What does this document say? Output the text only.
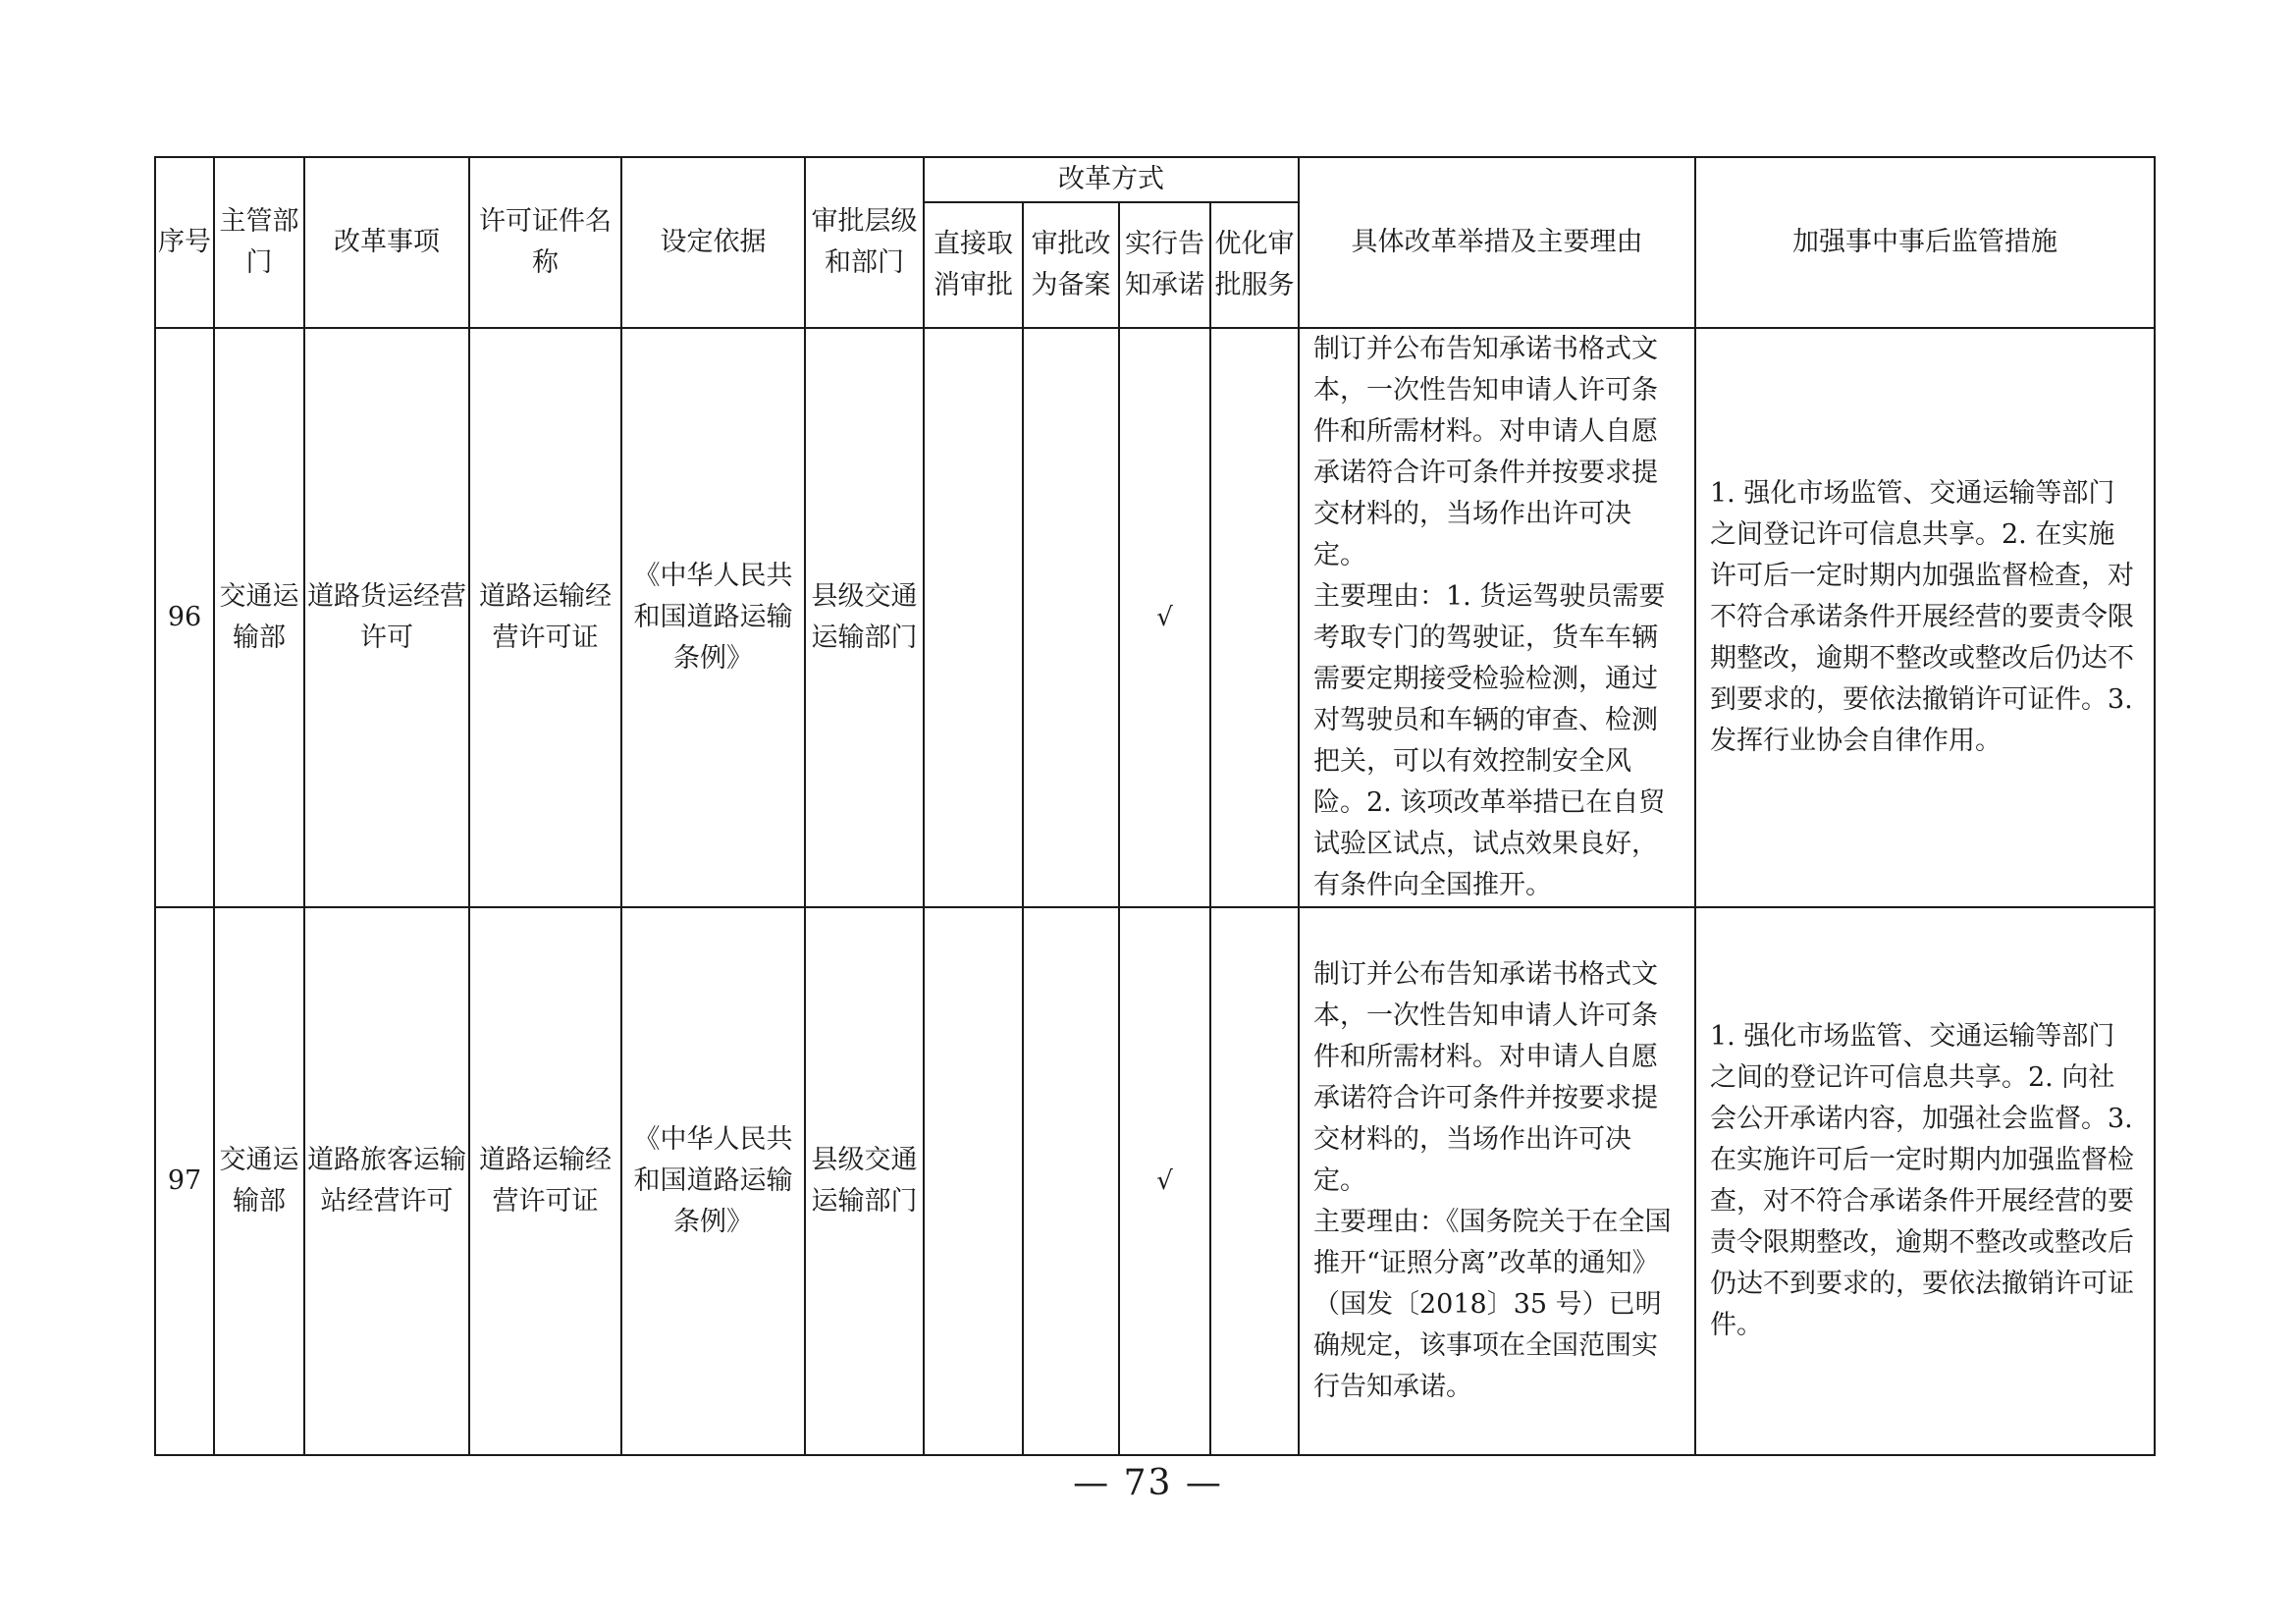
序号	主管部门	改革事项	许可证件名称	设定依据	审批层级和部门	改革方式				具体改革举措及主要理由	加强事中事后监管措施
						直接取消审批	审批改为备案	实行告知承诺	优化审批服务		
96	交通运输部	道路货运经营许可	道路运输经营许可证	《中华人民共和国道路运输条例》	县级交通运输部门			√		制订并公布告知承诺书格式文本，一次性告知申请人许可条件和所需材料。对申请人自愿承诺符合许可条件并按要求提交材料的，当场作出许可决定。
主要理由：1. 货运驾驶员需要考取专门的驾驶证，货车车辆需要定期接受检验检测，通过对驾驶员和车辆的审查、检测把关，可以有效控制安全风险。2. 该项改革举措已在自贸试验区试点，试点效果良好，有条件向全国推开。	1. 强化市场监管、交通运输等部门之间登记许可信息共享。2. 在实施许可后一定时期内加强监督检查，对不符合承诺条件开展经营的要责令限期整改，逾期不整改或整改后仍达不到要求的，要依法撤销许可证件。3. 发挥行业协会自律作用。
97	交通运输部	道路旅客运输站经营许可	道路运输经营许可证	《中华人民共和国道路运输条例》	县级交通运输部门			√		制订并公布告知承诺书格式文本，一次性告知申请人许可条件和所需材料。对申请人自愿承诺符合许可条件并按要求提交材料的，当场作出许可决定。
主要理由：《国务院关于在全国推开“证照分离”改革的通知》（国发〔2018〕35 号）已明确规定，该事项在全国范围实行告知承诺。	1. 强化市场监管、交通运输等部门之间的登记许可信息共享。2. 向社会公开承诺内容，加强社会监督。3. 在实施许可后一定时期内加强监督检查，对不符合承诺条件开展经营的要责令限期整改，逾期不整改或整改后仍达不到要求的，要依法撤销许可证件。
— 73 —
